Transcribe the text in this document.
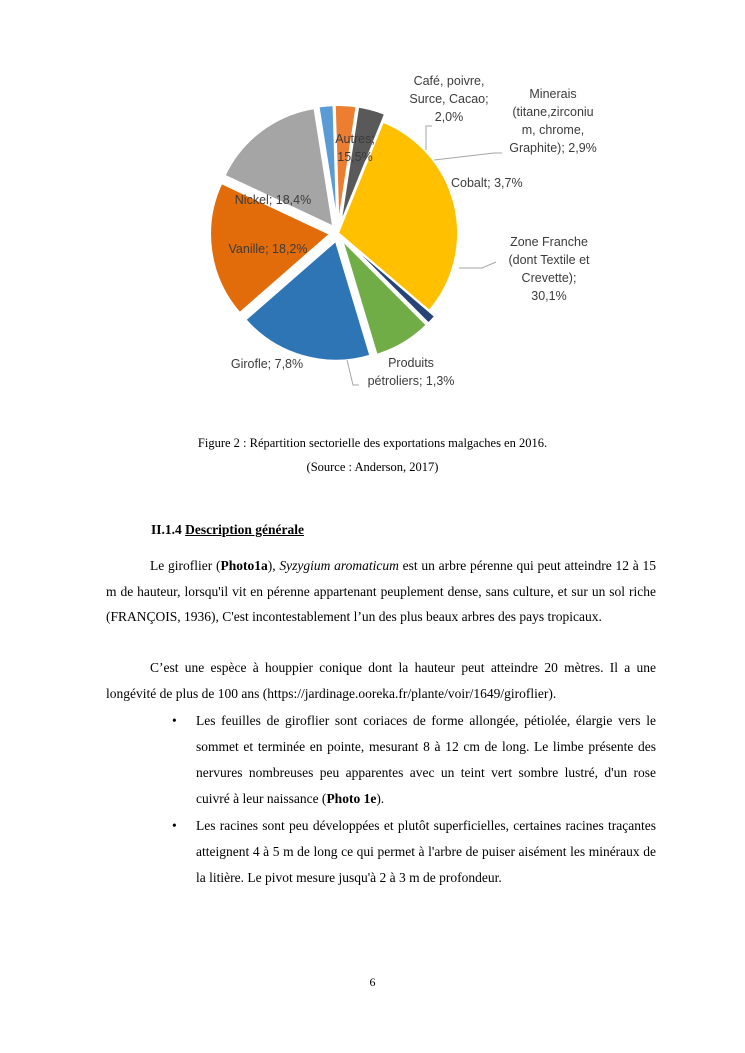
Zone Franche (dont Textile et Crevette); 30,1%
Produits pétroliers; 1,3%
Girofle; 7,8%
Vanille; 18,2%
Nickel; 18,4%
Autres; 15,5%
Café, poivre, Surce, Cacao; 2,0%
Minerais (titane,zirconiu m, chrome, Graphite); 2,9%
Cobalt; 3,7%
Figure 2 : Répartition sectorielle des exportations malgaches en 2016.
(Source : Anderson, 2017)
II.1.4 Description générale

Le giroflier (Photo1a), Syzygium aromaticum est un arbre pérenne qui peut atteindre 12 à 15 m de hauteur, lorsqu'il vit en pérenne appartenant peuplement dense, sans culture, et sur un sol riche (FRANÇOIS, 1936), C'est incontestablement l’un des plus beaux arbres des pays tropicaux.

C’est une espèce à houppier conique dont la hauteur peut atteindre 20 mètres. Il a une longévité de plus de 100 ans (https://jardinage.ooreka.fr/plante/voir/1649/giroflier).

• Les feuilles de giroflier sont coriaces de forme allongée, pétiolée, élargie vers le sommet et terminée en pointe, mesurant 8 à 12 cm de long. Le limbe présente des nervures nombreuses peu apparentes avec un teint vert sombre lustré, d'un rose cuivré à leur naissance (Photo 1e).
• Les racines sont peu développées et plutôt superficielles, certaines racines traçantes atteignent 4 à 5 m de long ce qui permet à l'arbre de puiser aisément les minéraux de la litière. Le pivot mesure jusqu'à 2 à 3 m de profondeur.
6
